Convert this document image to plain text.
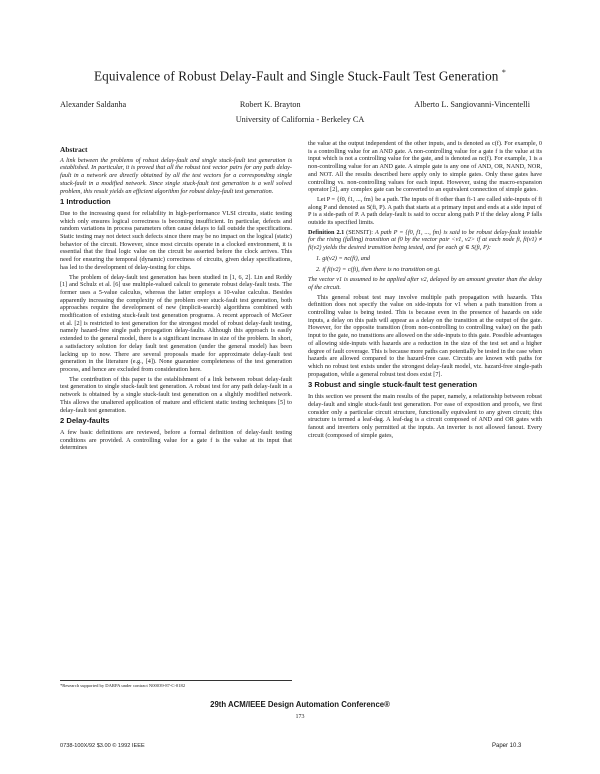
Equivalence of Robust Delay-Fault and Single Stuck-Fault Test Generation *
Alexander Saldanha	Robert K. Brayton	Alberto L. Sangiovanni-Vincentelli
University of California - Berkeley CA
Abstract

A link between the problems of robust delay-fault and single stuck-fault test generation is established. In particular, it is proved that all the robust test vector pairs for any path delay-fault in a network are directly obtained by all the test vectors for a corresponding single stuck-fault in a modified network. Since single stuck-fault test generation is a well solved problem, this result yields an efficient algorithm for robust delay-fault test generation.

1 Introduction

Due to the increasing quest for reliability in high-performance VLSI circuits, static testing which only ensures logical correctness is becoming insufficient. In particular, defects and random variations in process parameters often cause delays to fall outside the specifications. Static testing may not detect such defects since there may be no impact on the logical (static) behavior of the circuit. However, since most circuits operate in a clocked environment, it is essential that the final logic value on the circuit be asserted before the clock arrives. This need for ensuring the temporal (dynamic) correctness of circuits, given delay specifications, has led to the development of delay-testing for chips.

The problem of delay-fault test generation has been studied in [1, 6, 2]. Lin and Reddy [1] and Schulz et al. [6] use multiple-valued calculi to generate robust delay-fault tests. The former uses a 5-value calculus, whereas the latter employs a 10-value calculus. Besides apparently increasing the complexity of the problem over stuck-fault test generation, both approaches require the development of new (implicit-search) algorithms combined with modification of existing stuck-fault test generation programs. A recent approach of McGeer et al. [2] is restricted to test generation for the strongest model of robust delay-fault testing, namely hazard-free single path propagation delay-faults. Although this approach is easily extended to the general model, there is a significant increase in size of the problem. In short, a satisfactory solution for delay fault test generation (under the general model) has been lacking up to now. There are several proposals made for approximate delay-fault test generation in the literature (e.g., [4]). None guarantee completeness of the test generation process, and hence are excluded from consideration here.

The contribution of this paper is the establishment of a link between robust delay-fault test generation to single stuck-fault test generation. A robust test for any path delay-fault in a network is obtained by a single stuck-fault test generation on a slightly modified network. This allows the unaltered application of mature and efficient static testing techniques [5] to delay-fault test generation.

2 Delay-faults

A few basic definitions are reviewed, before a formal definition of delay-fault testing conditions are provided. A controlling value for a gate f is the value at its input that determines

the value at the output independent of the other inputs, and is denoted as c(f). For example, 0 is a controlling value for an AND gate. A non-controlling value for a gate f is the value at its input which is not a controlling value for the gate, and is denoted as nc(f). For example, 1 is a non-controlling value for an AND gate. A simple gate is any one of AND, OR, NAND, NOR, and NOT. All the results described here apply only to simple gates. Only these gates have controlling vs. non-controlling values for each input. However, using the macro-expansion operator [2], any complex gate can be converted to an equivalent connection of simple gates.

Let P = {f0, f1, ..., fm} be a path. The inputs of fi other than fi-1 are called side-inputs of fi along P and denoted as S(fi, P). A path that starts at a primary input and ends at a side input of P is a side-path of P. A path delay-fault is said to occur along path P if the delay along P falls outside its specified limits.

Definition 2.1 (SENSIT): A path P = {f0, f1, ..., fm} is said to be robust delay-fault testable for the rising (falling) transition at f0 by the vector pair <v1, v2> if at each node fi, fi(v1) ≠ fi(v2) yields the desired transition being tested, and for each gi ∈ S(fi, P):

1. gi(v2) = nc(fi), and
2. if fi(v2) = c(fi), then there is no transition on gi.

The vector v1 is assumed to be applied after v2, delayed by an amount greater than the delay of the circuit.

This general robust test may involve multiple path propagation with hazards. This definition does not specify the value on side-inputs for v1 when a path transition from a controlling value is being tested. This is because even in the presence of hazards on side inputs, a delay on this path will appear as a delay on the transition at the output of the gate. However, for the opposite transition (from non-controlling to controlling value) on the path input to the gate, no transitions are allowed on the side-inputs to this gate. Possible advantages of allowing side-inputs with hazards are a reduction in the size of the test set and a higher degree of fault coverage. This is because more paths can potentially be tested in the case when hazards are allowed compared to the hazard-free case. Circuits are known with paths for which no robust test exists under the strongest delay-fault model, viz. hazard-free single-path propagation, while a general robust test does exist [7].

3 Robust and single stuck-fault test generation

In this section we present the main results of the paper, namely, a relationship between robust delay-fault and single stuck-fault test generation. For ease of exposition and proofs, we first consider only a particular circuit structure, functionally equivalent to any given circuit; this structure is termed a leaf-dag. A leaf-dag is a circuit composed of AND and OR gates with fanout and inverters only permitted at the inputs. An inverter is not allowed fanout. Every circuit (composed of simple gates,

*Research supported by DARPA under contract N00039-87-C-0182
29th ACM/IEEE Design Automation Conference®
173
0738-100X/92 $3.00 © 1992 IEEE	Paper 10.3
